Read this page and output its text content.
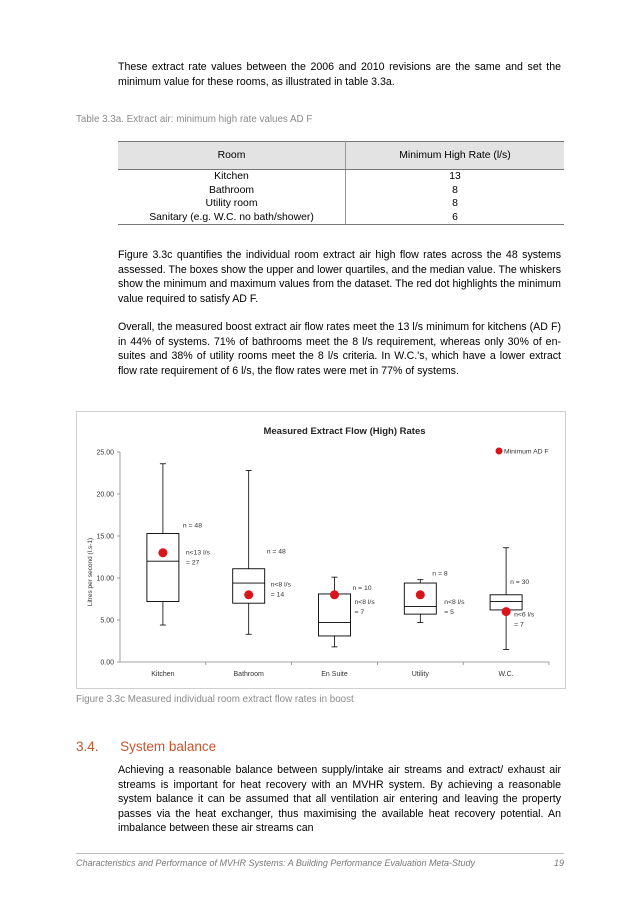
These extract rate values between the 2006 and 2010 revisions are the same and set the minimum value for these rooms, as illustrated in table 3.3a.
Table 3.3a. Extract air: minimum high rate values AD F
Room	Minimum High Rate (l/s)
Kitchen	13
Bathroom	8
Utility room	8
Sanitary (e.g. W.C. no bath/shower)	6
Figure 3.3c quantifies the individual room extract air high flow rates across the 48 systems assessed. The boxes show the upper and lower quartiles, and the median value. The whiskers show the minimum and maximum values from the dataset. The red dot highlights the minimum value required to satisfy AD F.
Overall, the measured boost extract air flow rates meet the 13 l/s minimum for kitchens (AD F) in 44% of systems. 71% of bathrooms meet the 8 l/s requirement, whereas only 30% of en-suites and 38% of utility rooms meet the 8 l/s criteria. In W.C.'s, which have a lower extract flow rate requirement of 6 l/s, the flow rates were met in 77% of systems.
Measured Extract Flow (High) Rates
0.00
5.00
10.00
15.00
20.00
25.00
Litres per second (l.s-1)
Kitchen	Bathroom	En Suite	Utility	W.C.
n = 48
n<13 l/s
= 27
n = 48
n<8 l/s
= 14
n = 10
n<8 l/s
= 7
n = 8
n<8 l/s
= 5
n = 30
n<6 l/s
= 7
Minimum AD F
Figure 3.3c Measured individual room extract flow rates in boost
3.4. System balance
Achieving a reasonable balance between supply/intake air streams and extract/ exhaust air streams is important for heat recovery with an MVHR system. By achieving a reasonable system balance it can be assumed that all ventilation air entering and leaving the property passes via the heat exchanger, thus maximising the available heat recovery potential. An imbalance between these air streams can
Characteristics and Performance of MVHR Systems: A Building Performance Evaluation Meta-Study	19
